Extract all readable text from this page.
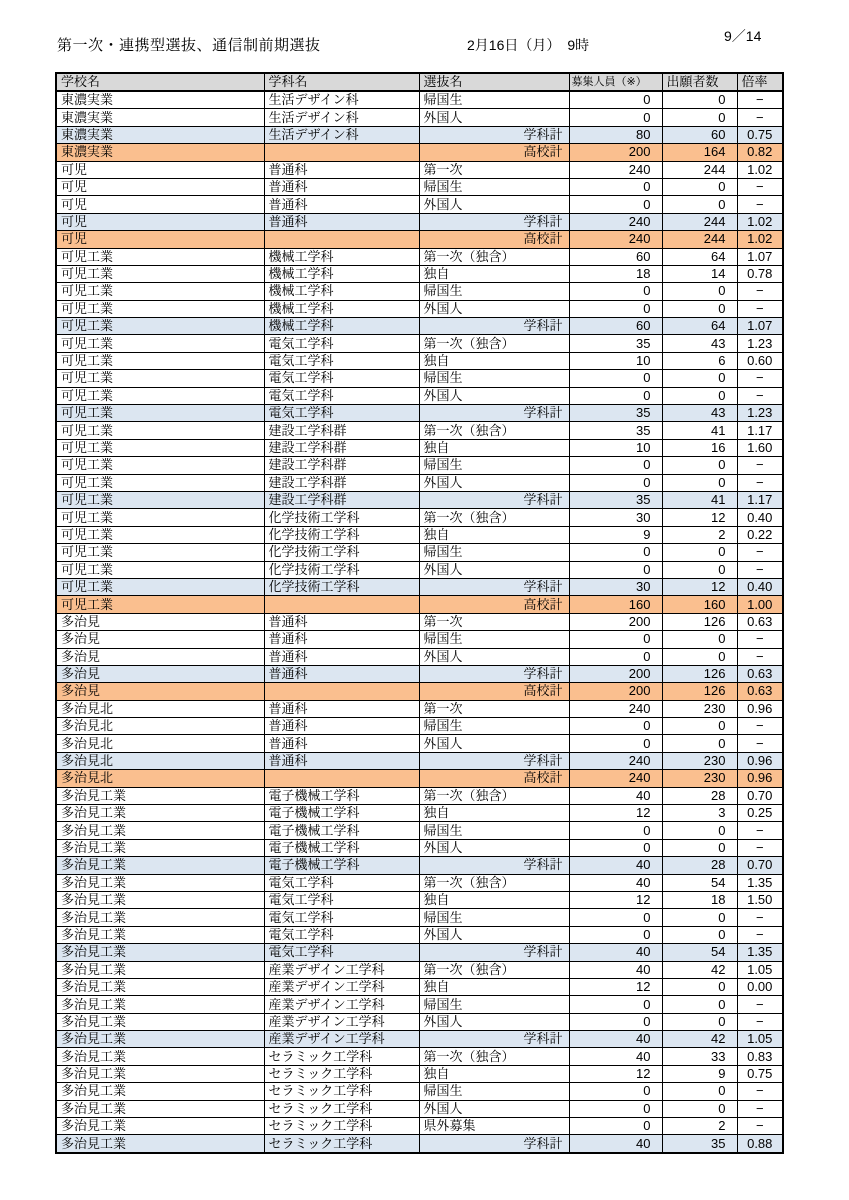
第一次・連携型選抜、通信制前期選抜	2月16日（月）　9時
9／14
学校名	学科名	選抜名	募集人員（※）	出願者数	倍率
東濃実業	生活デザイン科	帰国生	0	0	−
東濃実業	生活デザイン科	外国人	0	0	−
東濃実業	生活デザイン科	学科計	80	60	0.75
東濃実業		高校計	200	164	0.82
可児	普通科	第一次	240	244	1.02
可児	普通科	帰国生	0	0	−
可児	普通科	外国人	0	0	−
可児	普通科	学科計	240	244	1.02
可児		高校計	240	244	1.02
可児工業	機械工学科	第一次（独含）	60	64	1.07
可児工業	機械工学科	独自	18	14	0.78
可児工業	機械工学科	帰国生	0	0	−
可児工業	機械工学科	外国人	0	0	−
可児工業	機械工学科	学科計	60	64	1.07
可児工業	電気工学科	第一次（独含）	35	43	1.23
可児工業	電気工学科	独自	10	6	0.60
可児工業	電気工学科	帰国生	0	0	−
可児工業	電気工学科	外国人	0	0	−
可児工業	電気工学科	学科計	35	43	1.23
可児工業	建設工学科群	第一次（独含）	35	41	1.17
可児工業	建設工学科群	独自	10	16	1.60
可児工業	建設工学科群	帰国生	0	0	−
可児工業	建設工学科群	外国人	0	0	−
可児工業	建設工学科群	学科計	35	41	1.17
可児工業	化学技術工学科	第一次（独含）	30	12	0.40
可児工業	化学技術工学科	独自	9	2	0.22
可児工業	化学技術工学科	帰国生	0	0	−
可児工業	化学技術工学科	外国人	0	0	−
可児工業	化学技術工学科	学科計	30	12	0.40
可児工業		高校計	160	160	1.00
多治見	普通科	第一次	200	126	0.63
多治見	普通科	帰国生	0	0	−
多治見	普通科	外国人	0	0	−
多治見	普通科	学科計	200	126	0.63
多治見		高校計	200	126	0.63
多治見北	普通科	第一次	240	230	0.96
多治見北	普通科	帰国生	0	0	−
多治見北	普通科	外国人	0	0	−
多治見北	普通科	学科計	240	230	0.96
多治見北		高校計	240	230	0.96
多治見工業	電子機械工学科	第一次（独含）	40	28	0.70
多治見工業	電子機械工学科	独自	12	3	0.25
多治見工業	電子機械工学科	帰国生	0	0	−
多治見工業	電子機械工学科	外国人	0	0	−
多治見工業	電子機械工学科	学科計	40	28	0.70
多治見工業	電気工学科	第一次（独含）	40	54	1.35
多治見工業	電気工学科	独自	12	18	1.50
多治見工業	電気工学科	帰国生	0	0	−
多治見工業	電気工学科	外国人	0	0	−
多治見工業	電気工学科	学科計	40	54	1.35
多治見工業	産業デザイン工学科	第一次（独含）	40	42	1.05
多治見工業	産業デザイン工学科	独自	12	0	0.00
多治見工業	産業デザイン工学科	帰国生	0	0	−
多治見工業	産業デザイン工学科	外国人	0	0	−
多治見工業	産業デザイン工学科	学科計	40	42	1.05
多治見工業	セラミック工学科	第一次（独含）	40	33	0.83
多治見工業	セラミック工学科	独自	12	9	0.75
多治見工業	セラミック工学科	帰国生	0	0	−
多治見工業	セラミック工学科	外国人	0	0	−
多治見工業	セラミック工学科	県外募集	0	2	−
多治見工業	セラミック工学科	学科計	40	35	0.88
